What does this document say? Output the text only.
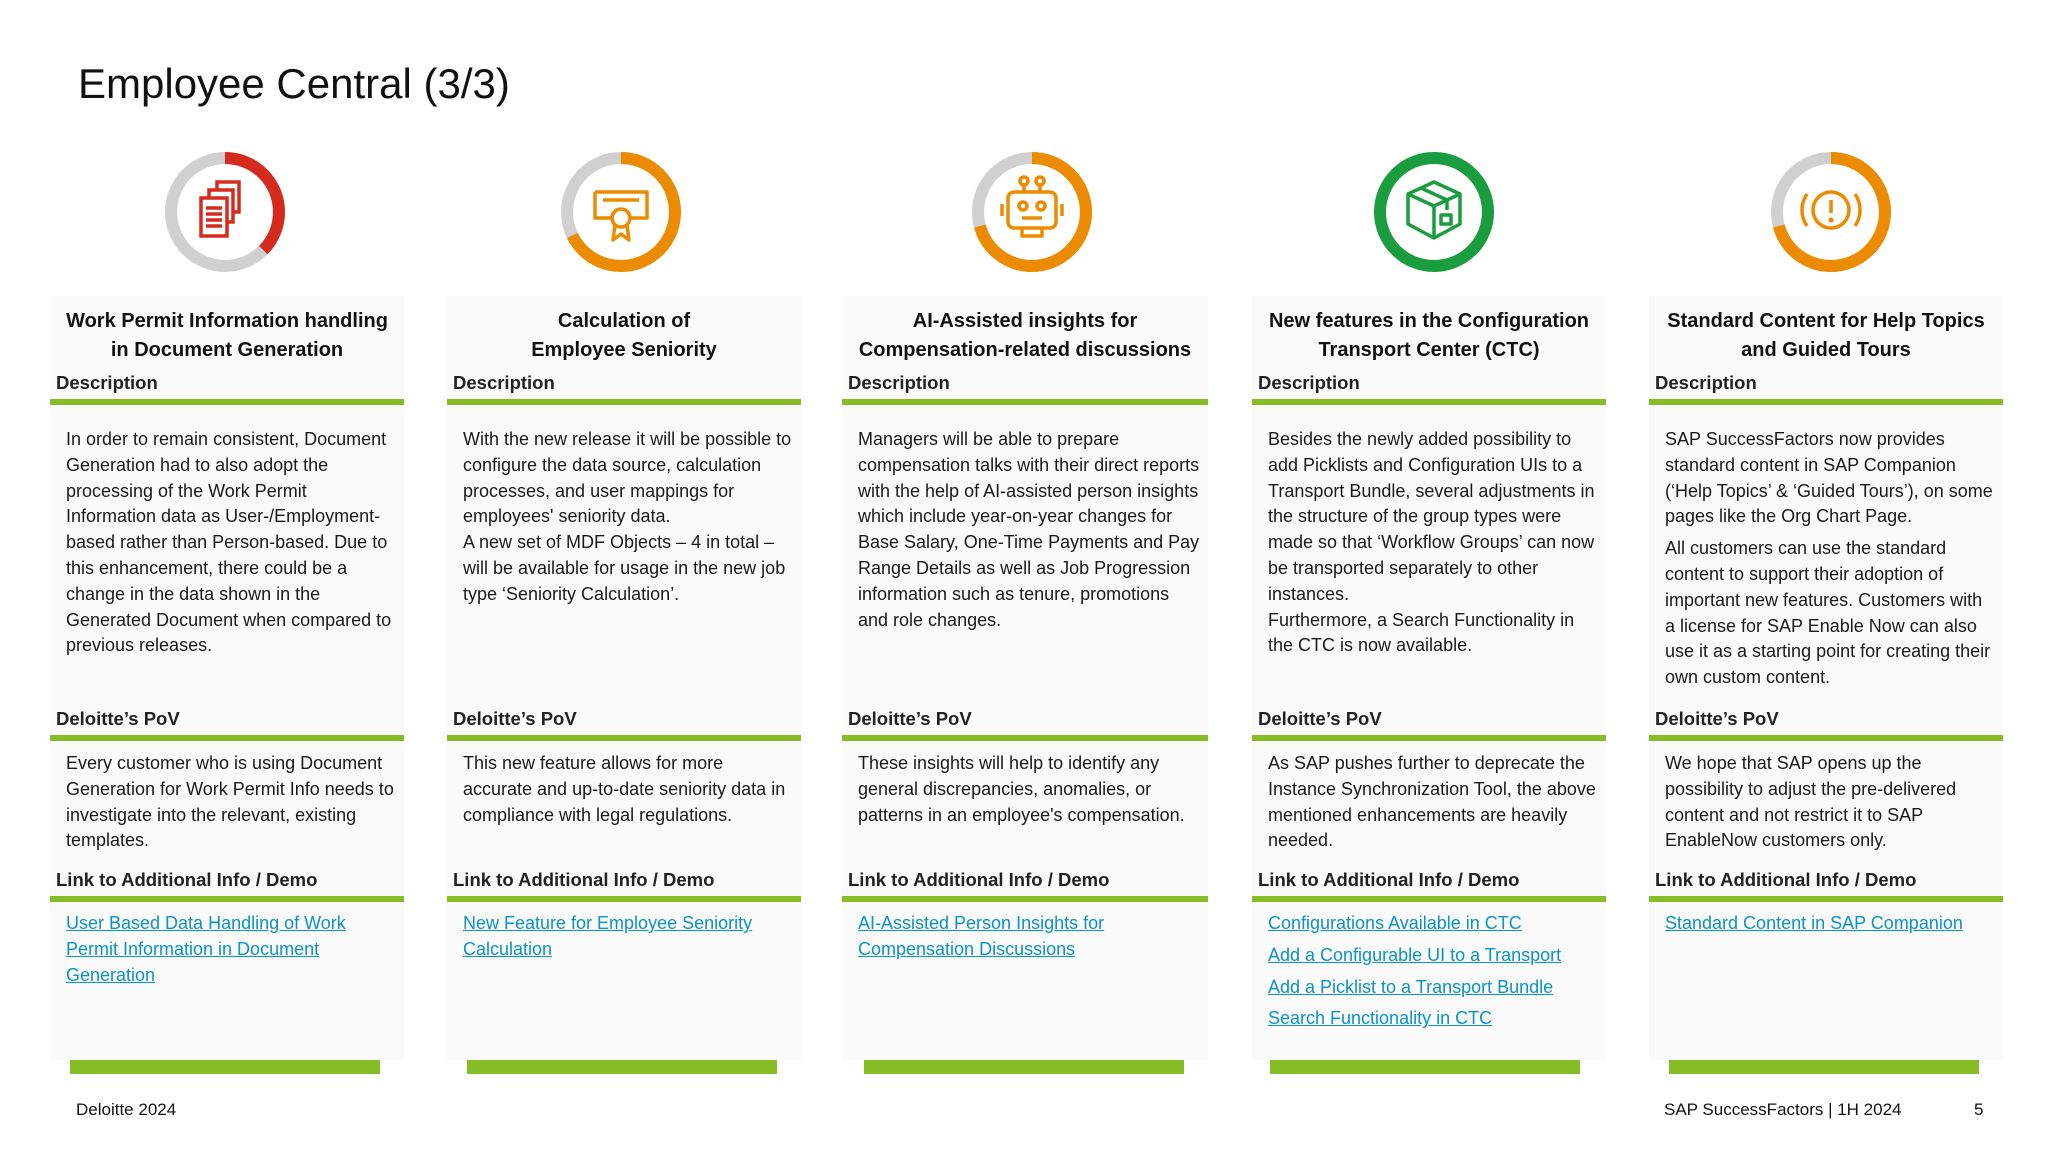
Employee Central (3/3)
Work Permit Information handling
in Document Generation
Description

In order to remain consistent, Document Generation had to also adopt the processing of the Work Permit Information data as User-/Employment-based rather than Person-based. Due to this enhancement, there could be a change in the data shown in the Generated Document when compared to previous releases.

Deloitte’s PoV
Every customer who is using Document Generation for Work Permit Info needs to investigate into the relevant, existing templates.
Link to Additional Info / Demo
User Based Data Handling of Work Permit Information in Document Generation
Calculation of
Employee Seniority
Description

With the new release it will be possible to configure the data source, calculation processes, and user mappings for employees' seniority data.

A new set of MDF Objects – 4 in total – will be available for usage in the new job type ‘Seniority Calculation’.

Deloitte’s PoV
This new feature allows for more accurate and up-to-date seniority data in compliance with legal regulations.
Link to Additional Info / Demo
New Feature for Employee Seniority Calculation
AI-Assisted insights for
Compensation-related discussions
Description

Managers will be able to prepare compensation talks with their direct reports with the help of AI-assisted person insights which include year-on-year changes for Base Salary, One-Time Payments and Pay Range Details as well as Job Progression information such as tenure, promotions and role changes.

Deloitte’s PoV
These insights will help to identify any general discrepancies, anomalies, or patterns in an employee's compensation.
Link to Additional Info / Demo
AI-Assisted Person Insights for Compensation Discussions
New features in the Configuration
Transport Center (CTC)
Description

Besides the newly added possibility to add Picklists and Configuration UIs to a Transport Bundle, several adjustments in the structure of the group types were made so that ‘Workflow Groups’ can now be transported separately to other instances.

Furthermore, a Search Functionality in the CTC is now available.

Deloitte’s PoV
As SAP pushes further to deprecate the Instance Synchronization Tool, the above mentioned enhancements are heavily needed.
Link to Additional Info / Demo
Configurations Available in CTC
Add a Configurable UI to a Transport
Add a Picklist to a Transport Bundle
Search Functionality in CTC
Standard Content for Help Topics
and Guided Tours
Description

SAP SuccessFactors now provides standard content in SAP Companion (‘Help Topics’ & ‘Guided Tours’), on some pages like the Org Chart Page.

All customers can use the standard content to support their adoption of important new features. Customers with a license for SAP Enable Now can also use it as a starting point for creating their own custom content.

Deloitte’s PoV
We hope that SAP opens up the possibility to adjust the pre-delivered content and not restrict it to SAP EnableNow customers only.
Link to Additional Info / Demo
Standard Content in SAP Companion
Deloitte 2024	SAP SuccessFactors | 1H 2024	5
